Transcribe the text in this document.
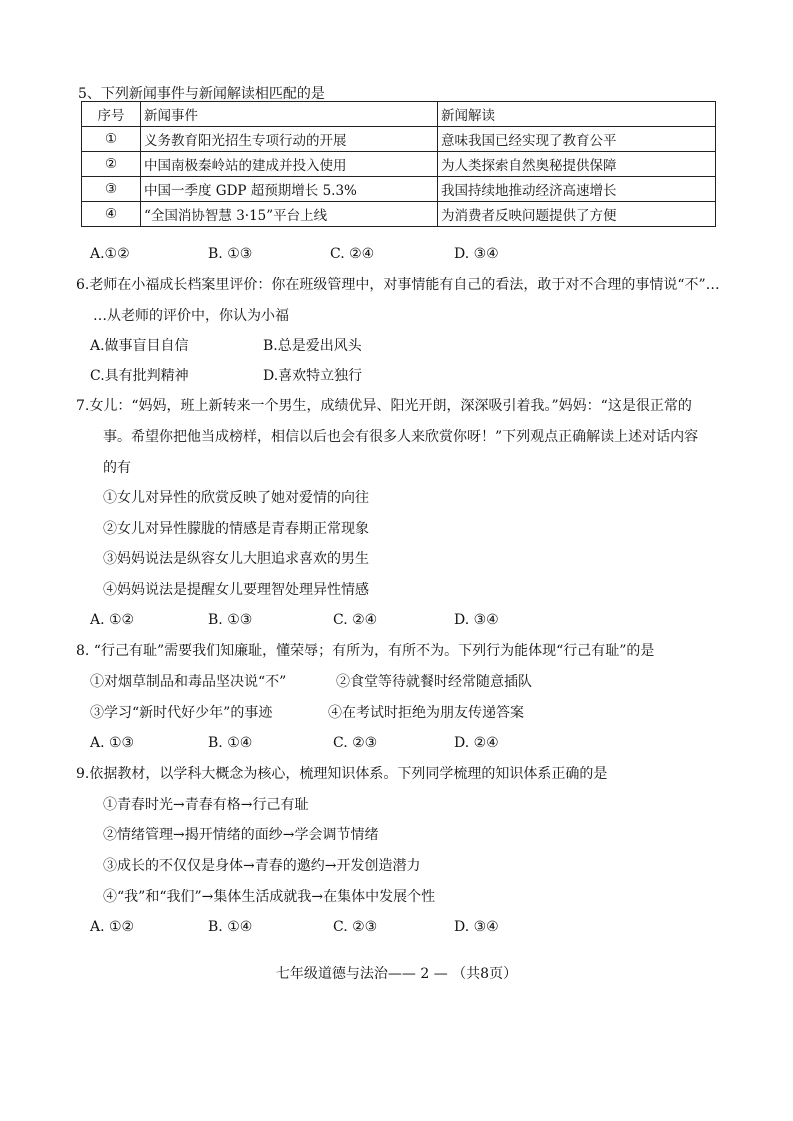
5、下列新闻事件与新闻解读相匹配的是
序号	新闻事件	新闻解读
①	义务教育阳光招生专项行动的开展	意味我国已经实现了教育公平
②	中国南极秦岭站的建成并投入使用	为人类探索自然奥秘提供保障
③	中国一季度 GDP 超预期增长 5.3%	我国持续地推动经济高速增长
④	“全国消协智慧 3·15”平台上线	为消费者反映问题提供了方便
A.①②	B. ①③	C. ②④	D. ③④
6.老师在小福成长档案里评价：你在班级管理中，对事情能有自己的看法，敢于对不合理的事情说“不”…
…从老师的评价中，你认为小福
A.做事盲目自信	B.总是爱出风头
C.具有批判精神	D.喜欢特立独行
7.女儿：“妈妈，班上新转来一个男生，成绩优异、阳光开朗，深深吸引着我。”妈妈：“这是很正常的
事。希望你把他当成榜样，相信以后也会有很多人来欣赏你呀！”下列观点正确解读上述对话内容
的有
①女儿对异性的欣赏反映了她对爱情的向往
②女儿对异性朦胧的情感是青春期正常现象
③妈妈说法是纵容女儿大胆追求喜欢的男生
④妈妈说法是提醒女儿要理智处理异性情感
A. ①②	B. ①③	C. ②④	D. ③④
8. “行己有耻”需要我们知廉耻，懂荣辱；有所为，有所不为。下列行为能体现“行己有耻”的是
①对烟草制品和毒品坚决说“不”	②食堂等待就餐时经常随意插队
③学习“新时代好少年”的事迹	④在考试时拒绝为朋友传递答案
A. ①③	B. ①④	C. ②③	D. ②④
9.依据教材，以学科大概念为核心，梳理知识体系。下列同学梳理的知识体系正确的是
①青春时光→青春有格→行己有耻
②情绪管理→揭开情绪的面纱→学会调节情绪
③成长的不仅仅是身体→青春的邀约→开发创造潜力
④“我”和“我们”→集体生活成就我→在集体中发展个性
A. ①②	B. ①④	C. ②③	D. ③④
七年级道德与法治—— 2 — （共8页）
